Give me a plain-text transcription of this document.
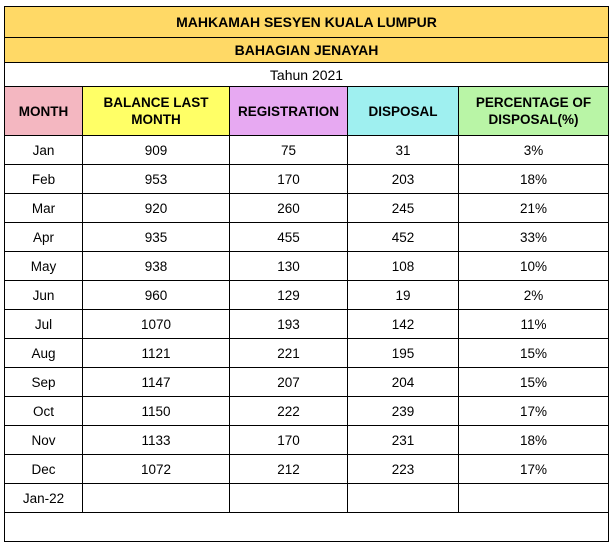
MAHKAMAH SESYEN KUALA LUMPUR				
BAHAGIAN JENAYAH				
Tahun 2021				
MONTH	BALANCE LAST MONTH	REGISTRATION	DISPOSAL	PERCENTAGE OF DISPOSAL(%)
Jan	909	75	31	3%
Feb	953	170	203	18%
Mar	920	260	245	21%
Apr	935	455	452	33%
May	938	130	108	10%
Jun	960	129	19	2%
Jul	1070	193	142	11%
Aug	1121	221	195	15%
Sep	1147	207	204	15%
Oct	1150	222	239	17%
Nov	1133	170	231	18%
Dec	1072	212	223	17%
Jan-22				
